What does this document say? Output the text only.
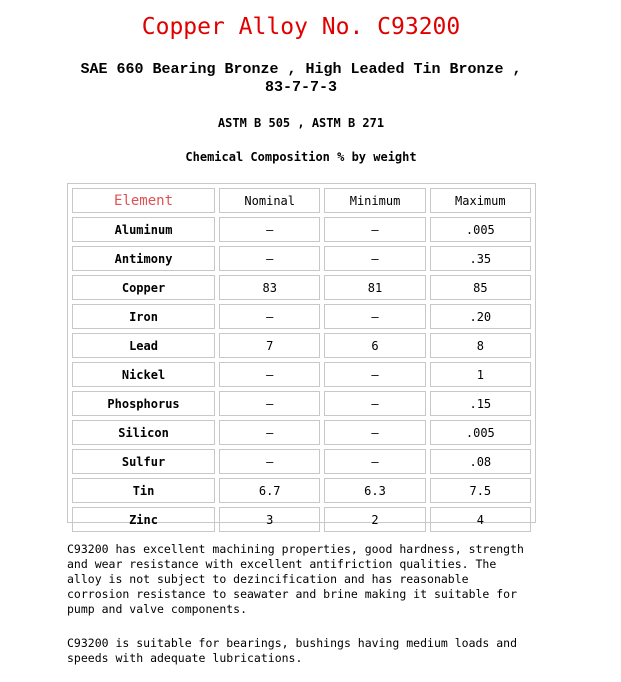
Copper Alloy No. C93200
SAE 660 Bearing Bronze , High Leaded Tin Bronze , 83-7-7-3
ASTM B 505 , ASTM B 271
Chemical Composition % by weight
Element	Nominal	Minimum	Maximum
Aluminum	–	–	.005
Antimony	–	–	.35
Copper	83	81	85
Iron	–	–	.20
Lead	7	6	8
Nickel	–	–	1
Phosphorus	–	–	.15
Silicon	–	–	.005
Sulfur	–	–	.08
Tin	6.7	6.3	7.5
Zinc	3	2	4
C93200 has excellent machining properties, good hardness, strength and wear resistance with excellent antifriction qualities. The alloy is not subject to dezincification and has reasonable corrosion resistance to seawater and brine making it suitable for pump and valve components.
C93200 is suitable for bearings, bushings having medium loads and speeds with adequate lubrications.
